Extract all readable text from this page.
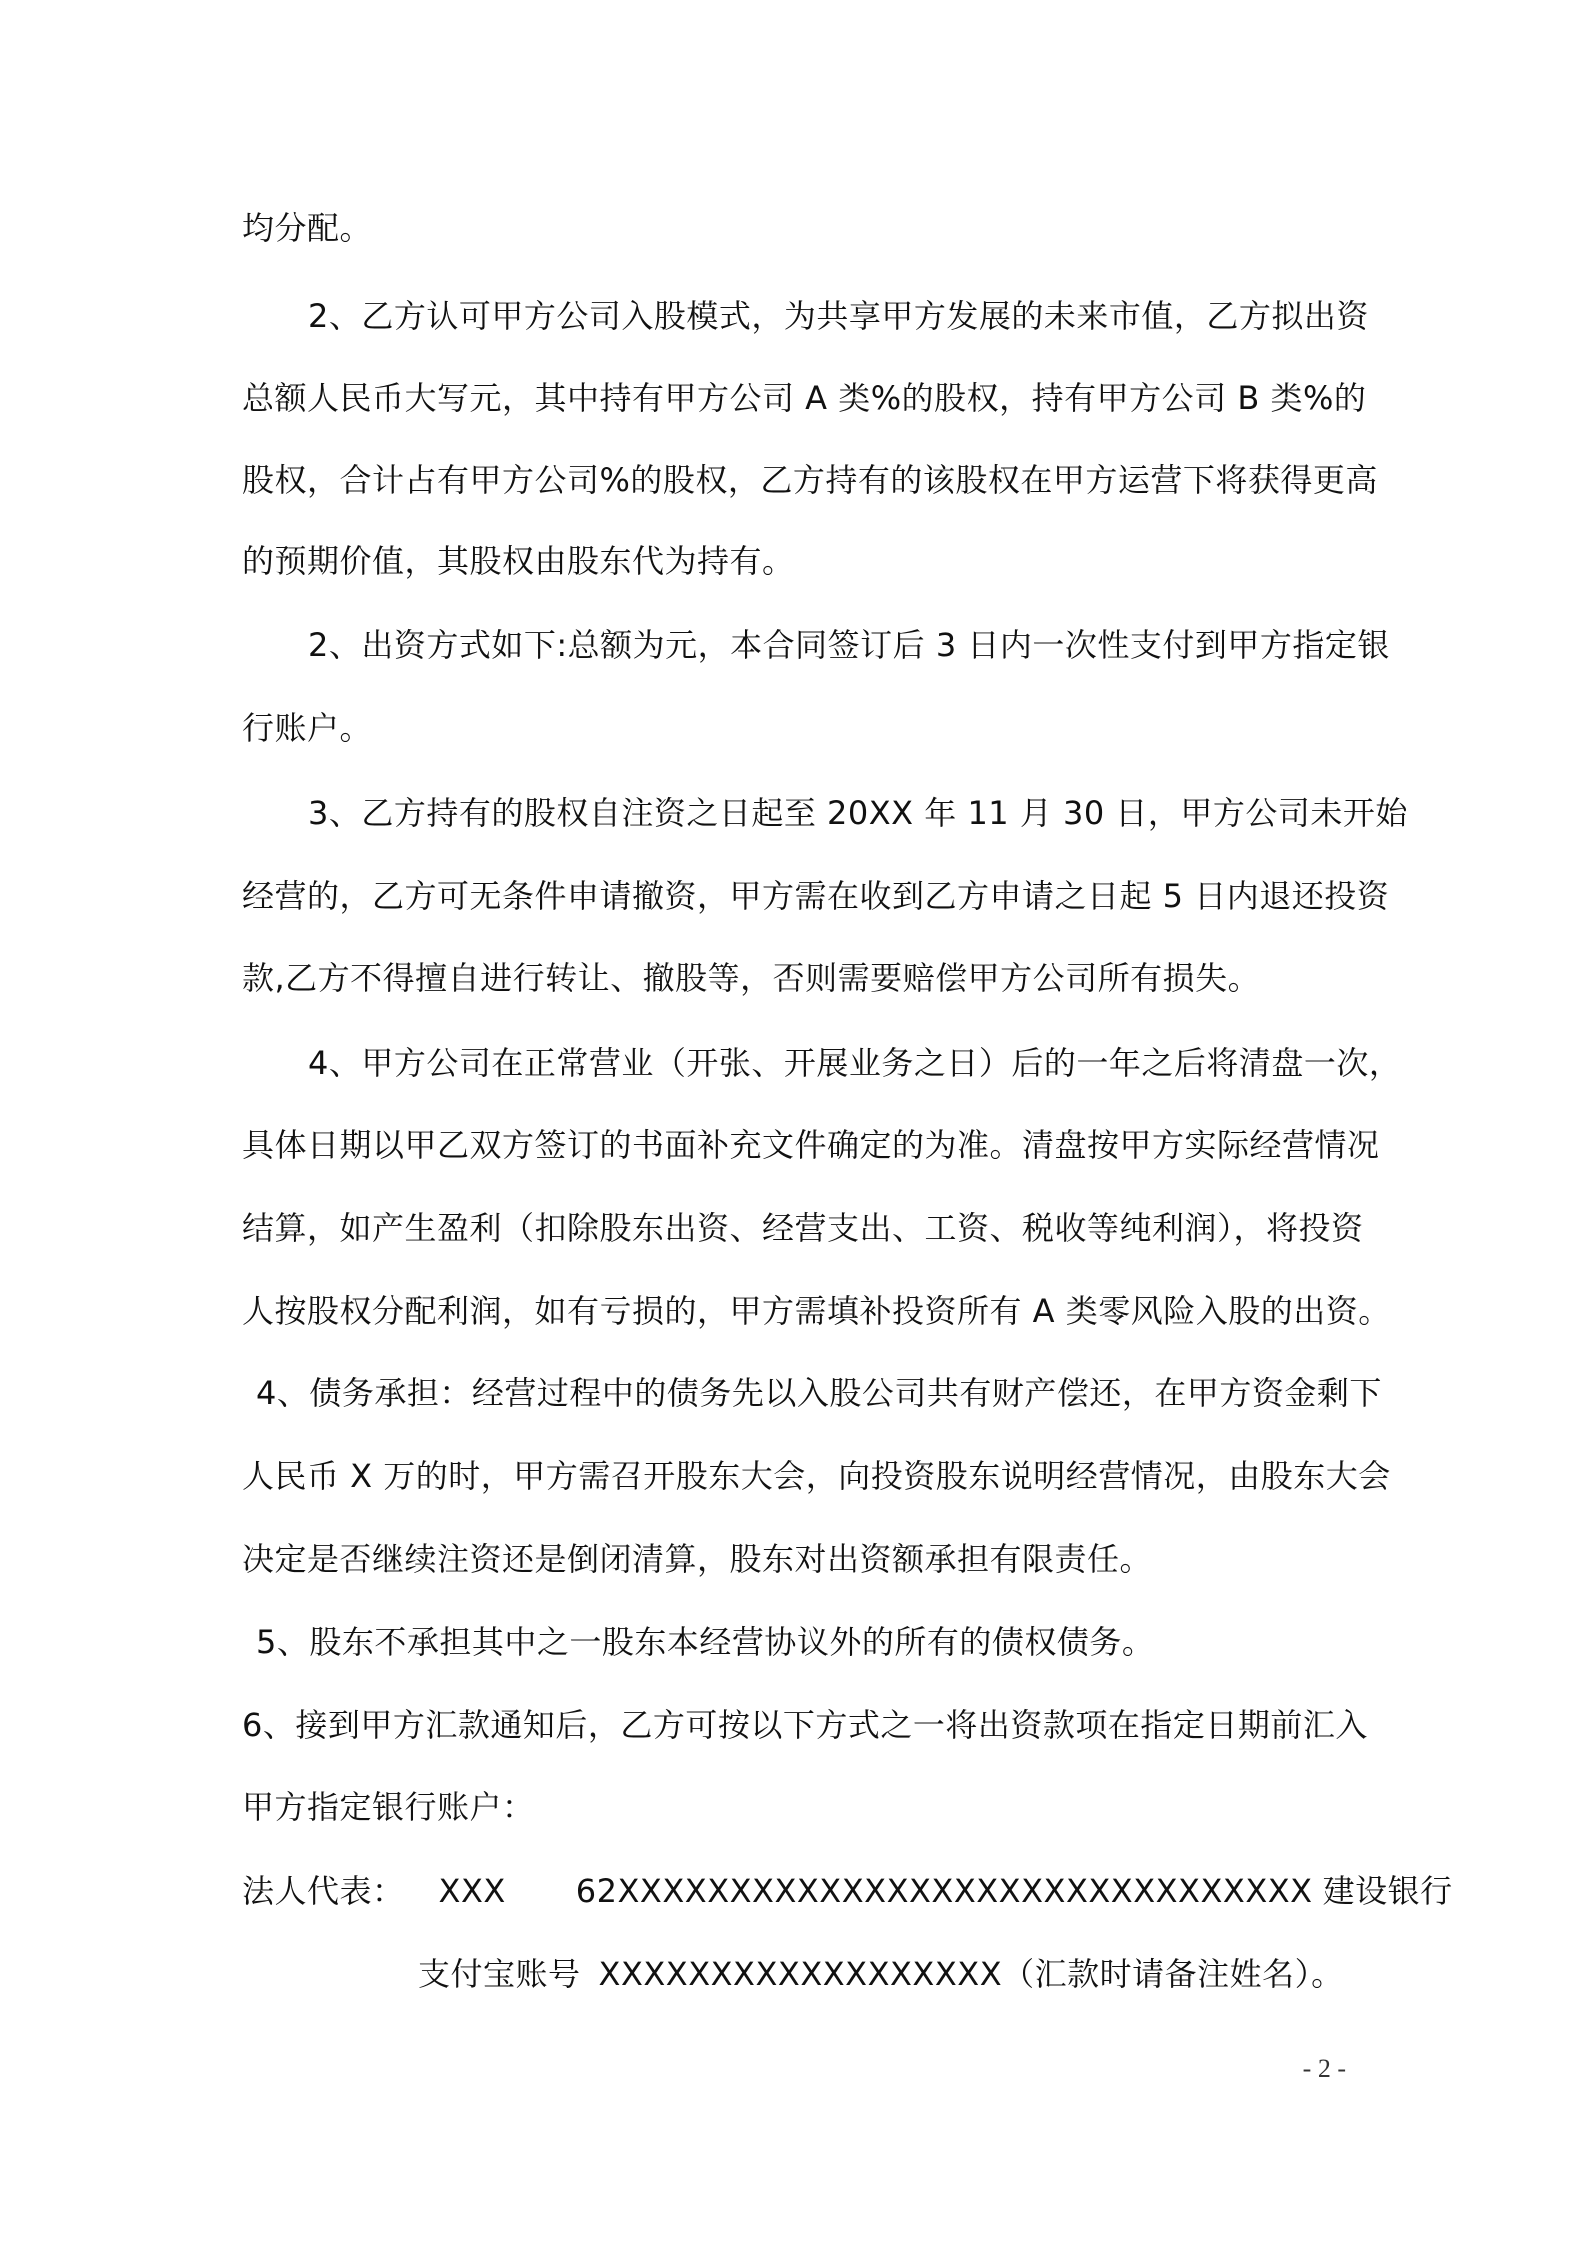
均分配。
2、乙方认可甲方公司入股模式，为共享甲方发展的未来市值，乙方拟出资
总额人民币大写元，其中持有甲方公司 A 类%的股权，持有甲方公司 B 类%的
股权，合计占有甲方公司%的股权，乙方持有的该股权在甲方运营下将获得更高
的预期价值，其股权由股东代为持有。
2、出资方式如下:总额为元，本合同签订后 3 日内一次性支付到甲方指定银
行账户。
3、乙方持有的股权自注资之日起至 20XX 年 11 月 30 日，甲方公司未开始
经营的，乙方可无条件申请撤资，甲方需在收到乙方申请之日起 5 日内退还投资
款,乙方不得擅自进行转让、撤股等，否则需要赔偿甲方公司所有损失。
4、甲方公司在正常营业（开张、开展业务之日）后的一年之后将清盘一次，
具体日期以甲乙双方签订的书面补充文件确定的为准。清盘按甲方实际经营情况
结算，如产生盈利（扣除股东出资、经营支出、工资、税收等纯利润），将投资
人按股权分配利润，如有亏损的，甲方需填补投资所有 A 类零风险入股的出资。
4、债务承担：经营过程中的债务先以入股公司共有财产偿还，在甲方资金剩下
人民币 X 万的时，甲方需召开股东大会，向投资股东说明经营情况，由股东大会
决定是否继续注资还是倒闭清算，股东对出资额承担有限责任。
5、股东不承担其中之一股东本经营协议外的所有的债权债务。
6、接到甲方汇款通知后，乙方可按以下方式之一将出资款项在指定日期前汇入
甲方指定银行账户：
法人代表： XXX 62XXXXXXXXXXXXXXXXXXXXXXXXXXXXXXX 建设银行
支付宝账号 XXXXXXXXXXXXXXXXXX（汇款时请备注姓名）。
- 2 -
